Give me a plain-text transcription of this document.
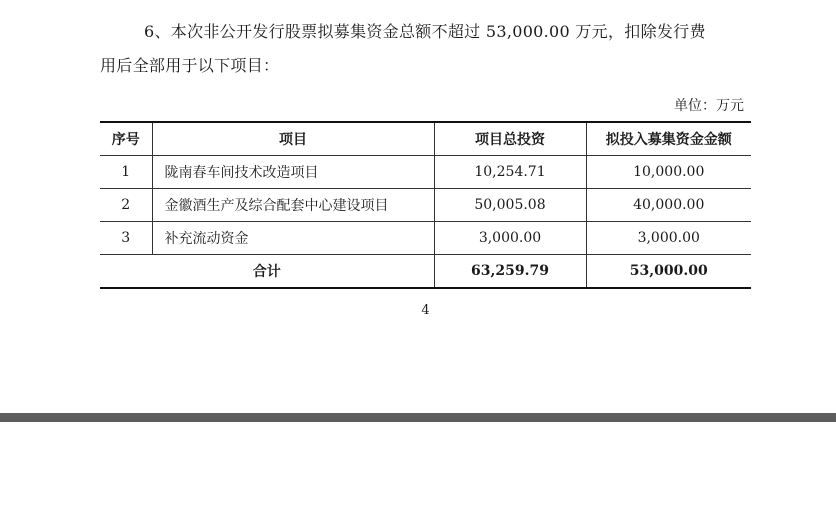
6、本次非公开发行股票拟募集资金总额不超过 53,000.00 万元，扣除发行费
用后全部用于以下项目：

单位：万元
序号	项目	项目总投资	拟投入募集资金金额
1	陇南春车间技术改造项目	10,254.71	10,000.00
2	金徽酒生产及综合配套中心建设项目	50,005.08	40,000.00
3	补充流动资金	3,000.00	3,000.00
合计		63,259.79	53,000.00
4
